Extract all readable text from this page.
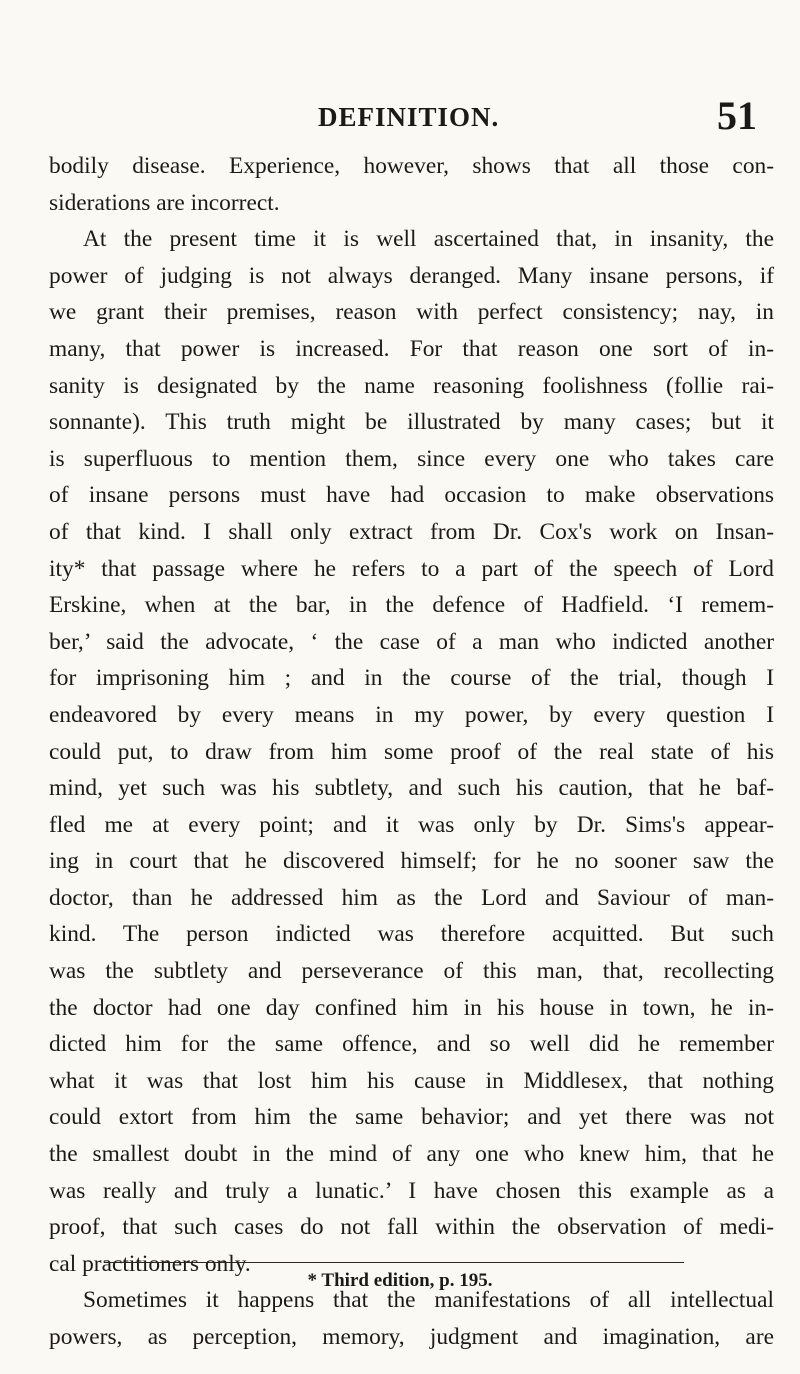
DEFINITION.	51

bodily disease. Experience, however, shows that all those con-
siderations are incorrect.

At the present time it is well ascertained that, in insanity, the
power of judging is not always deranged. Many insane persons, if
we grant their premises, reason with perfect consistency; nay, in
many, that power is increased. For that reason one sort of in-
sanity is designated by the name reasoning foolishness (follie rai-
sonnante). This truth might be illustrated by many cases; but it
is superfluous to mention them, since every one who takes care
of insane persons must have had occasion to make observations
of that kind. I shall only extract from Dr. Cox's work on Insan-
ity* that passage where he refers to a part of the speech of Lord
Erskine, when at the bar, in the defence of Hadfield. ‘I remem-
ber,’ said the advocate, ‘ the case of a man who indicted another
for imprisoning him ; and in the course of the trial, though I
endeavored by every means in my power, by every question I
could put, to draw from him some proof of the real state of his
mind, yet such was his subtlety, and such his caution, that he baf-
fled me at every point; and it was only by Dr. Sims's appear-
ing in court that he discovered himself; for he no sooner saw the
doctor, than he addressed him as the Lord and Saviour of man-
kind. The person indicted was therefore acquitted. But such
was the subtlety and perseverance of this man, that, recollecting
the doctor had one day confined him in his house in town, he in-
dicted him for the same offence, and so well did he remember
what it was that lost him his cause in Middlesex, that nothing
could extort from him the same behavior; and yet there was not
the smallest doubt in the mind of any one who knew him, that he
was really and truly a lunatic.’ I have chosen this example as a
proof, that such cases do not fall within the observation of medi-
cal practitioners only.

Sometimes it happens that the manifestations of all intellectual
powers, as perception, memory, judgment and imagination, are

* Third edition, p. 195.
